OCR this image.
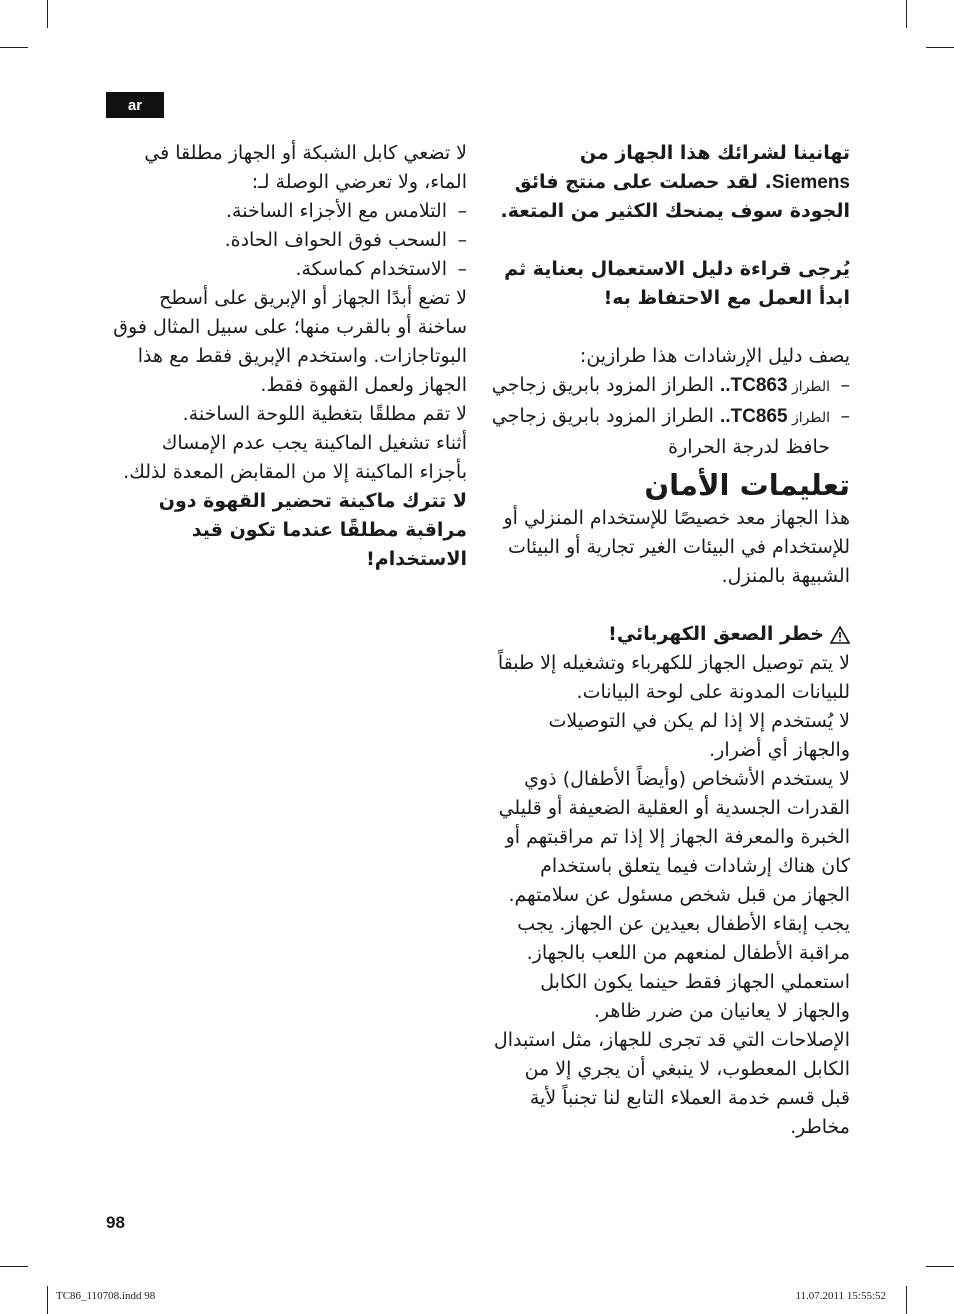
ar

تهانينا لشرائك هذا الجهاز من Siemens. لقد حصلت على منتج فائق الجودة سوف يمنحك الكثير من المتعة.

يُرجى قراءة دليل الاستعمال بعناية ثم ابدأ العمل مع الاحتفاظ به!

يصف دليل الإرشادات هذا طرازين:

– الطراز TC863.. الطراز المزود بابريق زجاجي

– الطراز TC865.. الطراز المزود بابريق زجاجي حافظ لدرجة الحرارة

تعليمات الأمان

هذا الجهاز معد خصيصًا للإستخدام المنزلي أو للإستخدام في البيئات الغير تجارية أو البيئات الشبيهة بالمنزل.

خطر الصعق الكهربائي!

لا يتم توصيل الجهاز للكهرباء وتشغيله إلا طبقاً للبيانات المدونة على لوحة البيانات.

لا يُستخدم إلا إذا لم يكن في التوصيلات والجهاز أي أضرار.

لا يستخدم الأشخاص (وأيضاً الأطفال) ذوي القدرات الجسدية أو العقلية الضعيفة أو قليلي الخبرة والمعرفة الجهاز إلا إذا تم مراقبتهم أو كان هناك إرشادات فيما يتعلق باستخدام الجهاز من قبل شخص مسئول عن سلامتهم.

يجب إبقاء الأطفال بعيدين عن الجهاز. يجب مراقبة الأطفال لمنعهم من اللعب بالجهاز.

استعملي الجهاز فقط حينما يكون الكابل والجهاز لا يعانيان من ضرر ظاهر.

الإصلاحات التي قد تجرى للجهاز، مثل استبدال الكابل المعطوب، لا ينبغي أن يجري إلا من قبل قسم خدمة العملاء التابع لنا تجنباً لأية مخاطر.

لا تضعي كابل الشبكة أو الجهاز مطلقا في الماء، ولا تعرضي الوصلة لـ:

– التلامس مع الأجزاء الساخنة.

– السحب فوق الحواف الحادة.

– الاستخدام كماسكة.

لا تضع أبدًا الجهاز أو الإبريق على أسطح ساخنة أو بالقرب منها؛ على سبيل المثال فوق البوتاجازات. واستخدم الإبريق فقط مع هذا الجهاز ولعمل القهوة فقط.

لا تقم مطلقًا بتغطية اللوحة الساخنة.

أثناء تشغيل الماكينة يجب عدم الإمساك بأجزاء الماكينة إلا من المقابض المعدة لذلك.

لا تترك ماكينة تحضير القهوة دون مراقبة مطلقًا عندما تكون قيد الاستخدام!

98
TC86_110708.indd 98	11.07.2011 15:55:52
